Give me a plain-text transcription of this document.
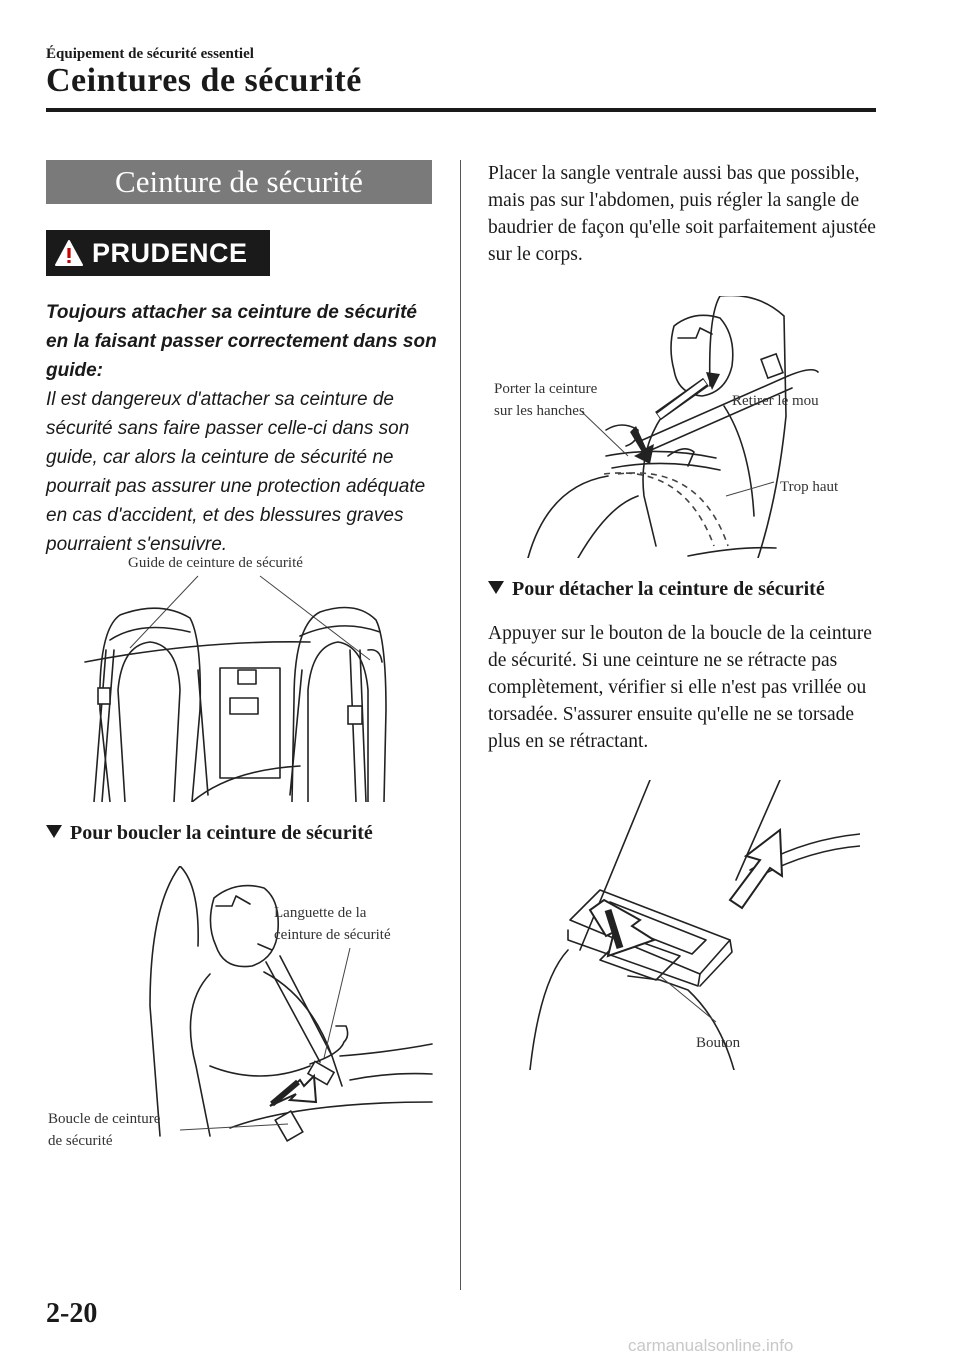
Équipement de sécurité essentiel
Ceintures de sécurité
Ceinture de sécurité
PRUDENCE
Toujours attacher sa ceinture de sécurité en la faisant passer correctement dans son guide:
Il est dangereux d'attacher sa ceinture de sécurité sans faire passer celle-ci dans son guide, car alors la ceinture de sécurité ne pourrait pas assurer une protection adéquate en cas d'accident, et des blessures graves pourraient s'ensuivre.
Guide de ceinture de sécurité
Pour boucler la ceinture de sécurité
Languette de la
ceinture de sécurité
Boucle de ceinture
de sécurité
Placer la sangle ventrale aussi bas que possible, mais pas sur l'abdomen, puis régler la sangle de baudrier de façon qu'elle soit parfaitement ajustée sur le corps.
Porter la ceinture
sur les hanches
Retirer le mou
Trop haut
Pour détacher la ceinture de sécurité
Appuyer sur le bouton de la boucle de la ceinture de sécurité. Si une ceinture ne se rétracte pas complètement, vérifier si elle n'est pas vrillée ou torsadée. S'assurer ensuite qu'elle ne se torsade plus en se rétractant.
Bouton
2-20
carmanualsonline.info
